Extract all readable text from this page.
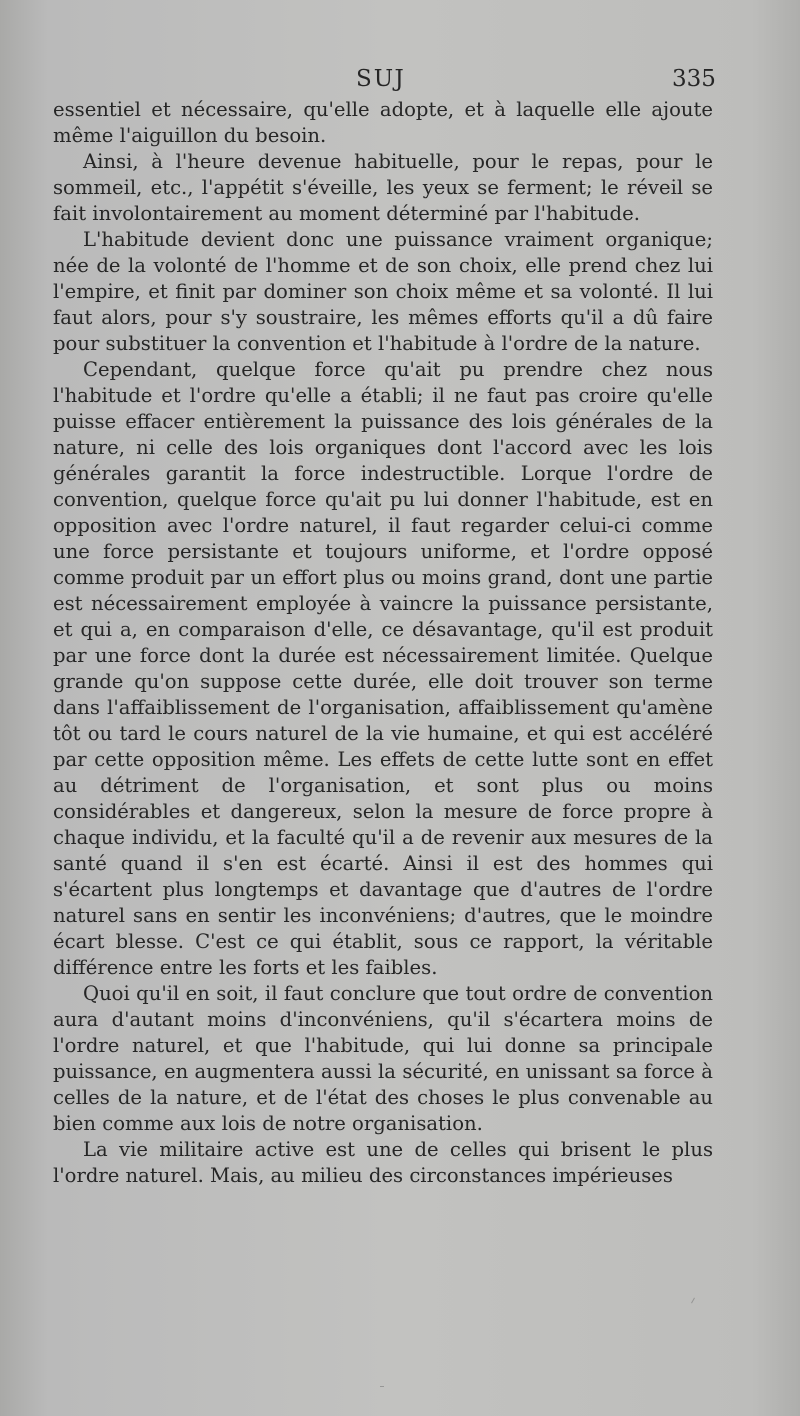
SUJ	335

essentiel et nécessaire, qu'elle adopte, et à laquelle elle ajoute même l'aiguillon du besoin.

Ainsi, à l'heure devenue habituelle, pour le repas, pour le sommeil, etc., l'appétit s'éveille, les yeux se ferment; le réveil se fait involontairement au moment déterminé par l'habitude.

L'habitude devient donc une puissance vraiment organique; née de la volonté de l'homme et de son choix, elle prend chez lui l'empire, et finit par dominer son choix même et sa volonté. Il lui faut alors, pour s'y soustraire, les mêmes efforts qu'il a dû faire pour substituer la convention et l'habitude à l'ordre de la nature.

Cependant, quelque force qu'ait pu prendre chez nous l'habitude et l'ordre qu'elle a établi; il ne faut pas croire qu'elle puisse effacer entièrement la puissance des lois générales de la nature, ni celle des lois organiques dont l'accord avec les lois générales garantit la force indestructible. Lorque l'ordre de convention, quelque force qu'ait pu lui donner l'habitude, est en opposition avec l'ordre naturel, il faut regarder celui-ci comme une force persistante et toujours uniforme, et l'ordre opposé comme produit par un effort plus ou moins grand, dont une partie est nécessairement employée à vaincre la puissance persistante, et qui a, en comparaison d'elle, ce désavantage, qu'il est produit par une force dont la durée est nécessairement limitée. Quelque grande qu'on suppose cette durée, elle doit trouver son terme dans l'affaiblissement de l'organisation, affaiblissement qu'amène tôt ou tard le cours naturel de la vie humaine, et qui est accéléré par cette opposition même. Les effets de cette lutte sont en effet au détriment de l'organisation, et sont plus ou moins considérables et dangereux, selon la mesure de force propre à chaque individu, et la faculté qu'il a de revenir aux mesures de la santé quand il s'en est écarté. Ainsi il est des hommes qui s'écartent plus longtemps et davantage que d'autres de l'ordre naturel sans en sentir les inconvéniens; d'autres, que le moindre écart blesse. C'est ce qui établit, sous ce rapport, la véritable différence entre les forts et les faibles.

Quoi qu'il en soit, il faut conclure que tout ordre de convention aura d'autant moins d'inconvéniens, qu'il s'écartera moins de l'ordre naturel, et que l'habitude, qui lui donne sa principale puissance, en augmentera aussi la sécurité, en unissant sa force à celles de la nature, et de l'état des choses le plus convenable au bien comme aux lois de notre organisation.

La vie militaire active est une de celles qui brisent le plus l'ordre naturel. Mais, au milieu des circonstances impérieuses
